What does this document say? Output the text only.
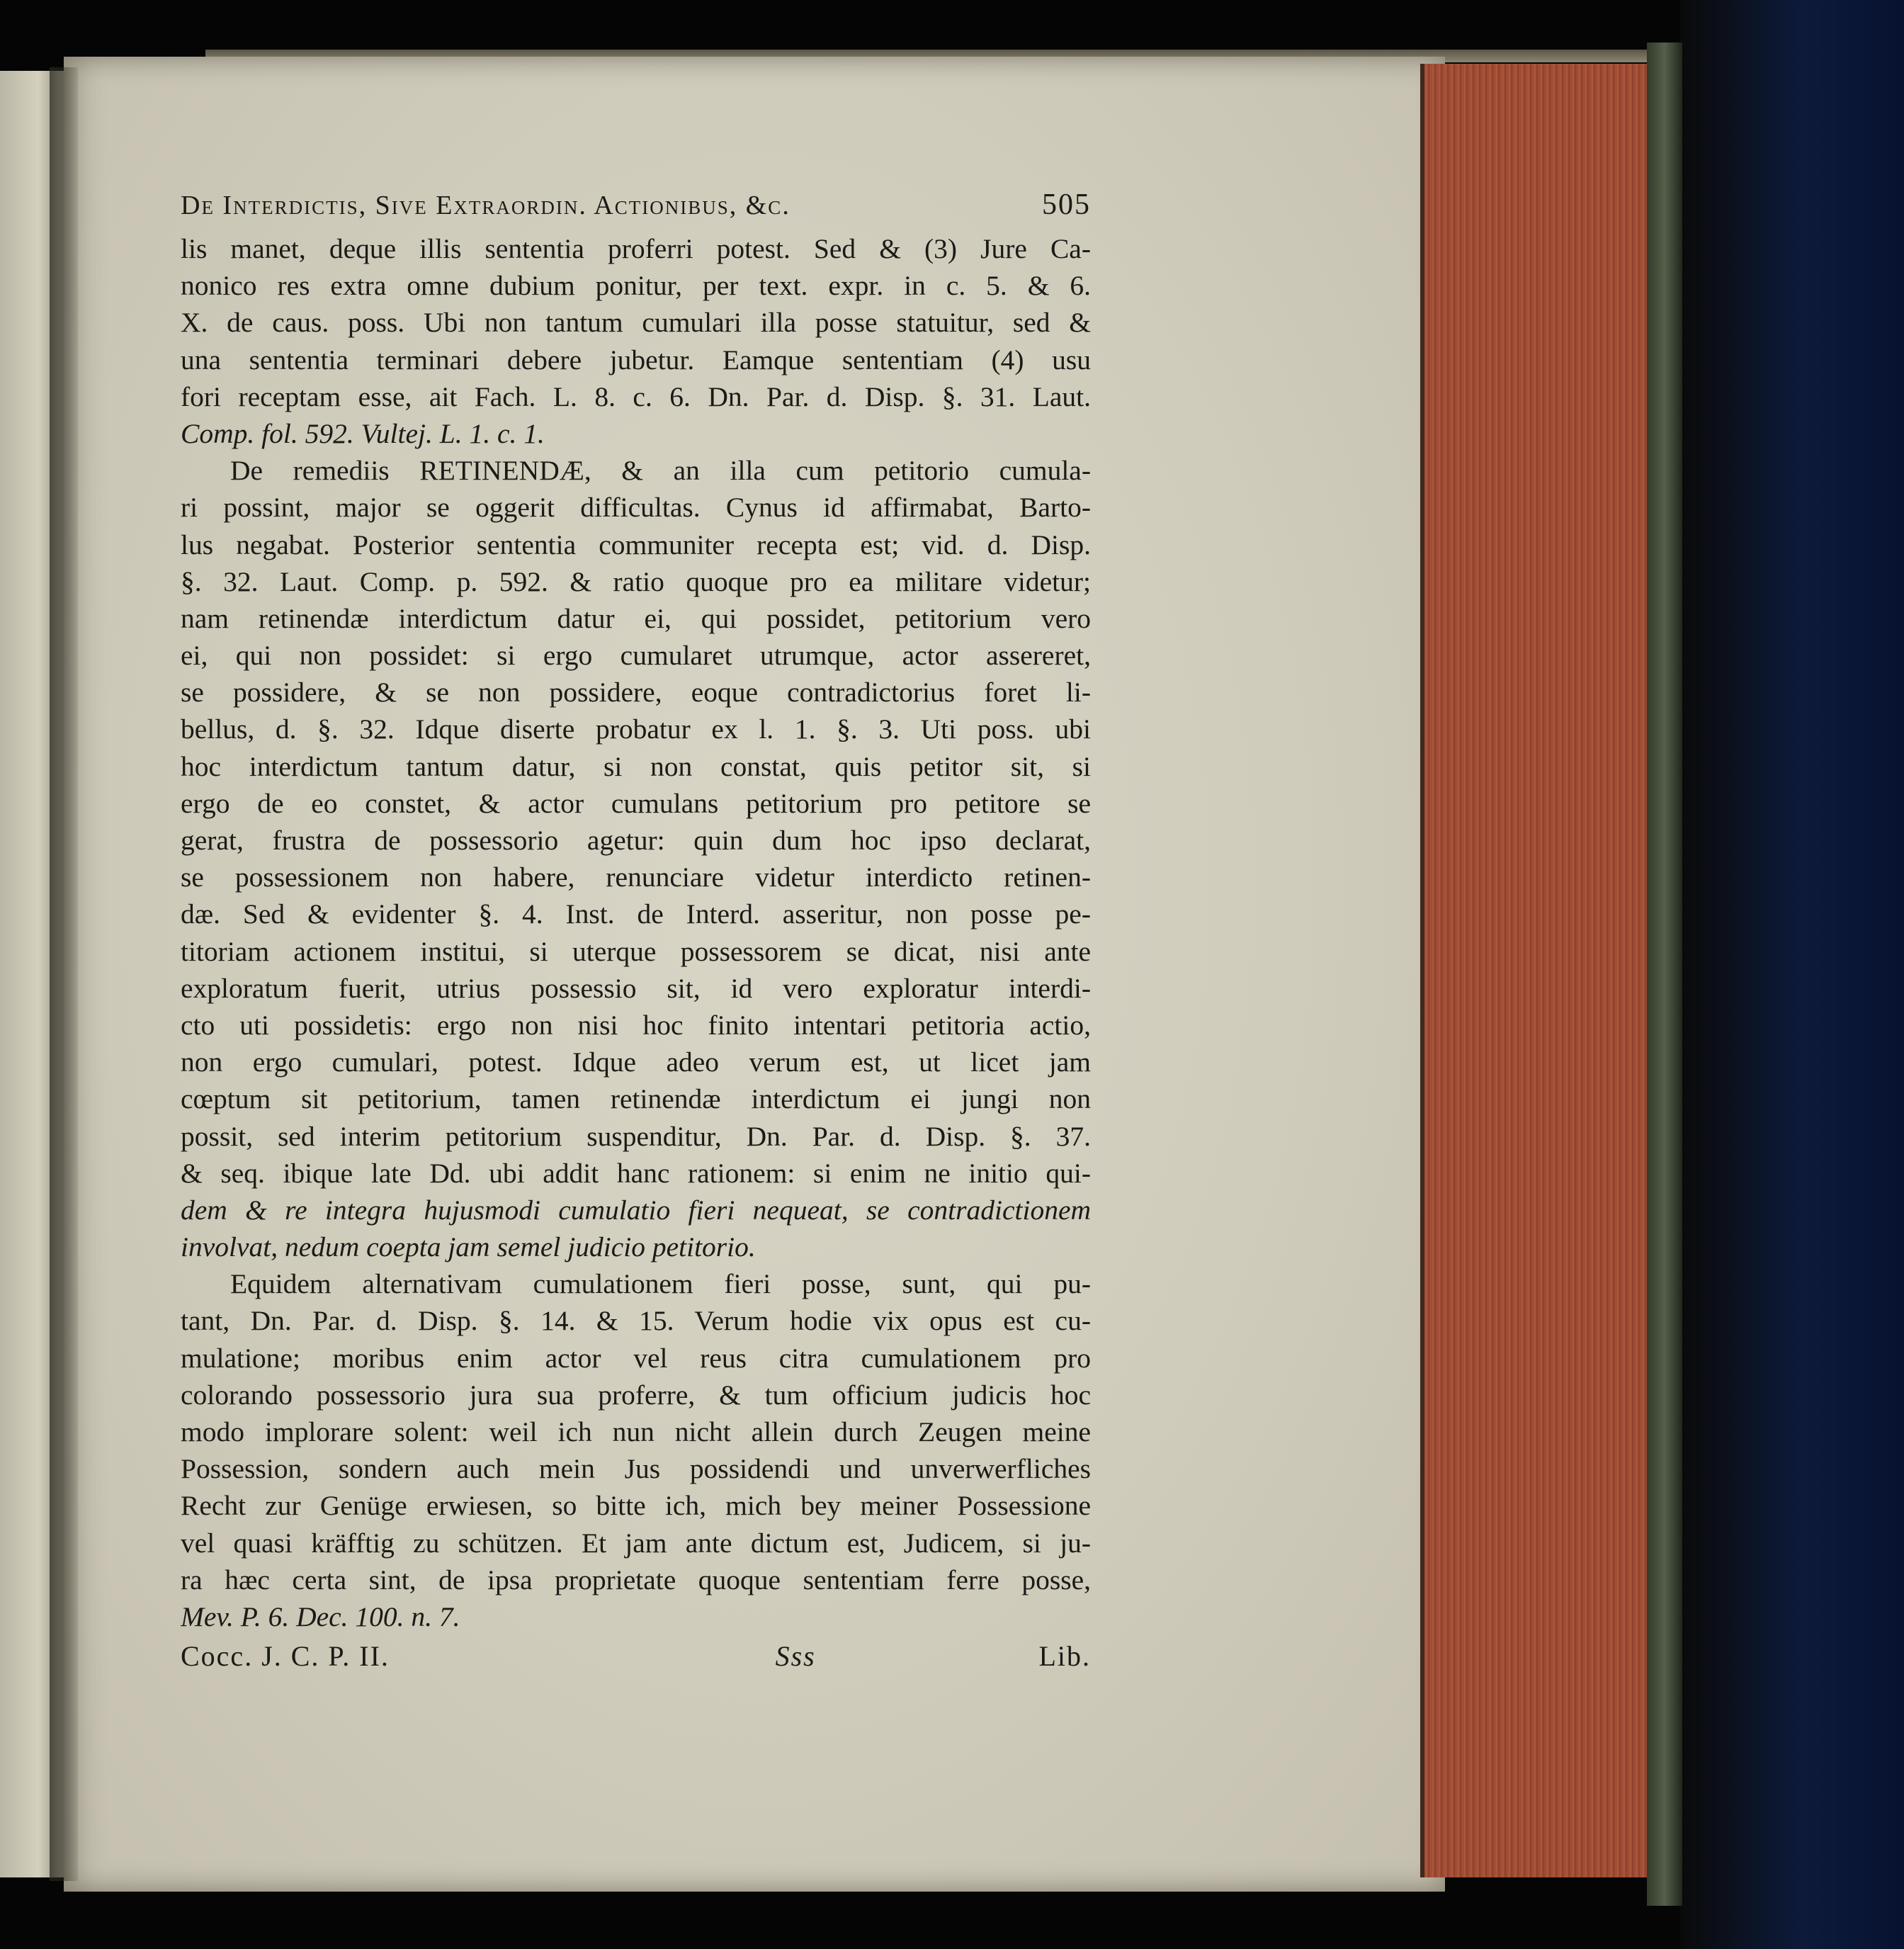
De Interdictis, Sive Extraordin. Actionibus, &c.	505
lis manet, deque illis sententia proferri potest. Sed & (3) Jure Ca-
nonico res extra omne dubium ponitur, per text. expr. in c. 5. & 6.
X. de caus. poss. Ubi non tantum cumulari illa posse statuitur, sed &
una sententia terminari debere jubetur. Eamque sententiam (4) usu
fori receptam esse, ait Fach. L. 8. c. 6. Dn. Par. d. Disp. §. 31. Laut.
Comp. fol. 592. Vultej. L. 1. c. 1.
De remediis RETINENDÆ, & an illa cum petitorio cumula-
ri possint, major se oggerit difficultas. Cynus id affirmabat, Barto-
lus negabat. Posterior sententia communiter recepta est; vid. d. Disp.
§. 32. Laut. Comp. p. 592. & ratio quoque pro ea militare videtur;
nam retinendæ interdictum datur ei, qui possidet, petitorium vero
ei, qui non possidet: si ergo cumularet utrumque, actor assereret,
se possidere, & se non possidere, eoque contradictorius foret li-
bellus, d. §. 32. Idque diserte probatur ex l. 1. §. 3. Uti poss. ubi
hoc interdictum tantum datur, si non constat, quis petitor sit, si
ergo de eo constet, & actor cumulans petitorium pro petitore se
gerat, frustra de possessorio agetur: quin dum hoc ipso declarat,
se possessionem non habere, renunciare videtur interdicto retinen-
dæ. Sed & evidenter §. 4. Inst. de Interd. asseritur, non posse pe-
titoriam actionem institui, si uterque possessorem se dicat, nisi ante
exploratum fuerit, utrius possessio sit, id vero exploratur interdi-
cto uti possidetis: ergo non nisi hoc finito intentari petitoria actio,
non ergo cumulari, potest. Idque adeo verum est, ut licet jam
cœptum sit petitorium, tamen retinendæ interdictum ei jungi non
possit, sed interim petitorium suspenditur, Dn. Par. d. Disp. §. 37.
& seq. ibique late Dd. ubi addit hanc rationem: si enim ne initio qui-
dem & re integra hujusmodi cumulatio fieri nequeat, se contradictionem
involvat, nedum coepta jam semel judicio petitorio.
Equidem alternativam cumulationem fieri posse, sunt, qui pu-
tant, Dn. Par. d. Disp. §. 14. & 15. Verum hodie vix opus est cu-
mulatione; moribus enim actor vel reus citra cumulationem pro
colorando possessorio jura sua proferre, & tum officium judicis hoc
modo implorare solent: weil ich nun nicht allein durch Zeugen meine
Possession, sondern auch mein Jus possidendi und unverwerfliches
Recht zur Genüge erwiesen, so bitte ich, mich bey meiner Possessione
vel quasi kräfftig zu schützen. Et jam ante dictum est, Judicem, si ju-
ra hæc certa sint, de ipsa proprietate quoque sententiam ferre posse,
Mev. P. 6. Dec. 100. n. 7.
Cocc. J. C. P. II.	Sss	Lib.
